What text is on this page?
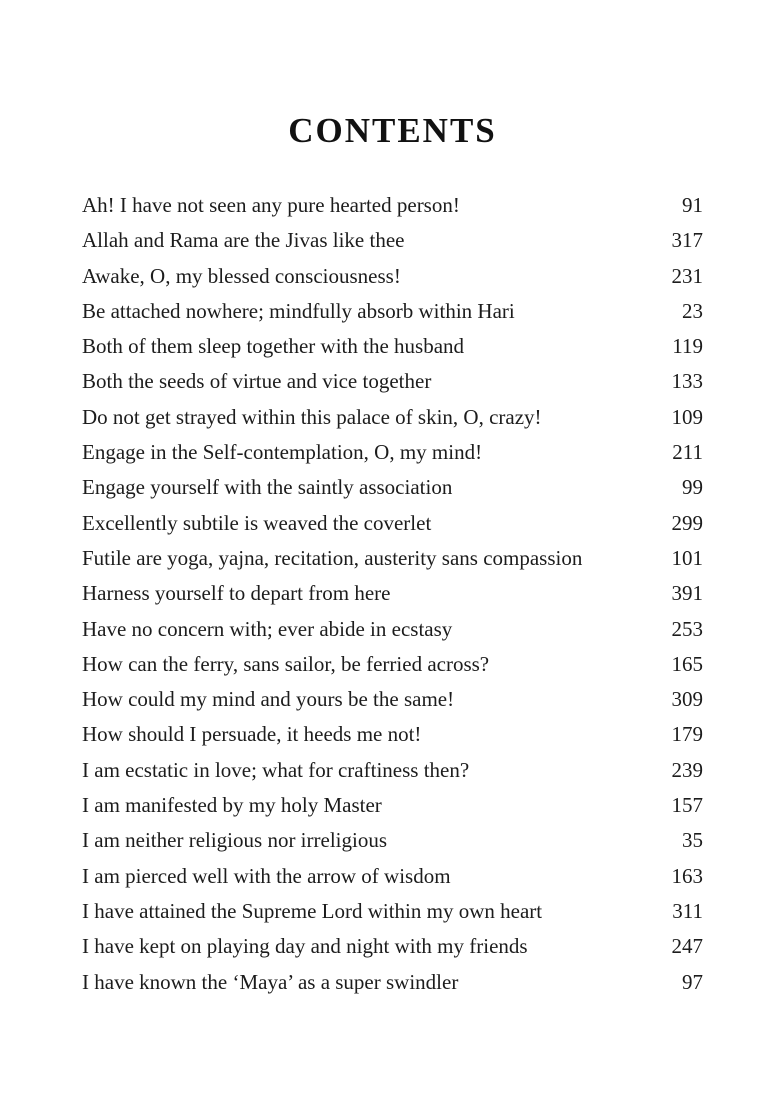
CONTENTS
Ah! I have not seen any pure hearted person!	91
Allah and Rama are the Jivas like thee	317
Awake, O, my blessed consciousness!	231
Be attached nowhere; mindfully absorb within Hari	23
Both of them sleep together with the husband	119
Both the seeds of virtue and vice together	133
Do not get strayed within this palace of skin, O, crazy!	109
Engage in the Self-contemplation, O, my mind!	211
Engage yourself with the saintly association	99
Excellently subtile is weaved the coverlet	299
Futile are yoga, yajna, recitation, austerity sans compassion	101
Harness yourself to depart from here	391
Have no concern with; ever abide in ecstasy	253
How can the ferry, sans sailor, be ferried across?	165
How could my mind and yours be the same!	309
How should I persuade, it heeds me not!	179
I am ecstatic in love; what for craftiness then?	239
I am manifested by my holy Master	157
I am neither religious nor irreligious	35
I am pierced well with the arrow of wisdom	163
I have attained the Supreme Lord within my own heart	311
I have kept on playing day and night with my friends	247
I have known the ‘Maya’ as a super swindler	97
